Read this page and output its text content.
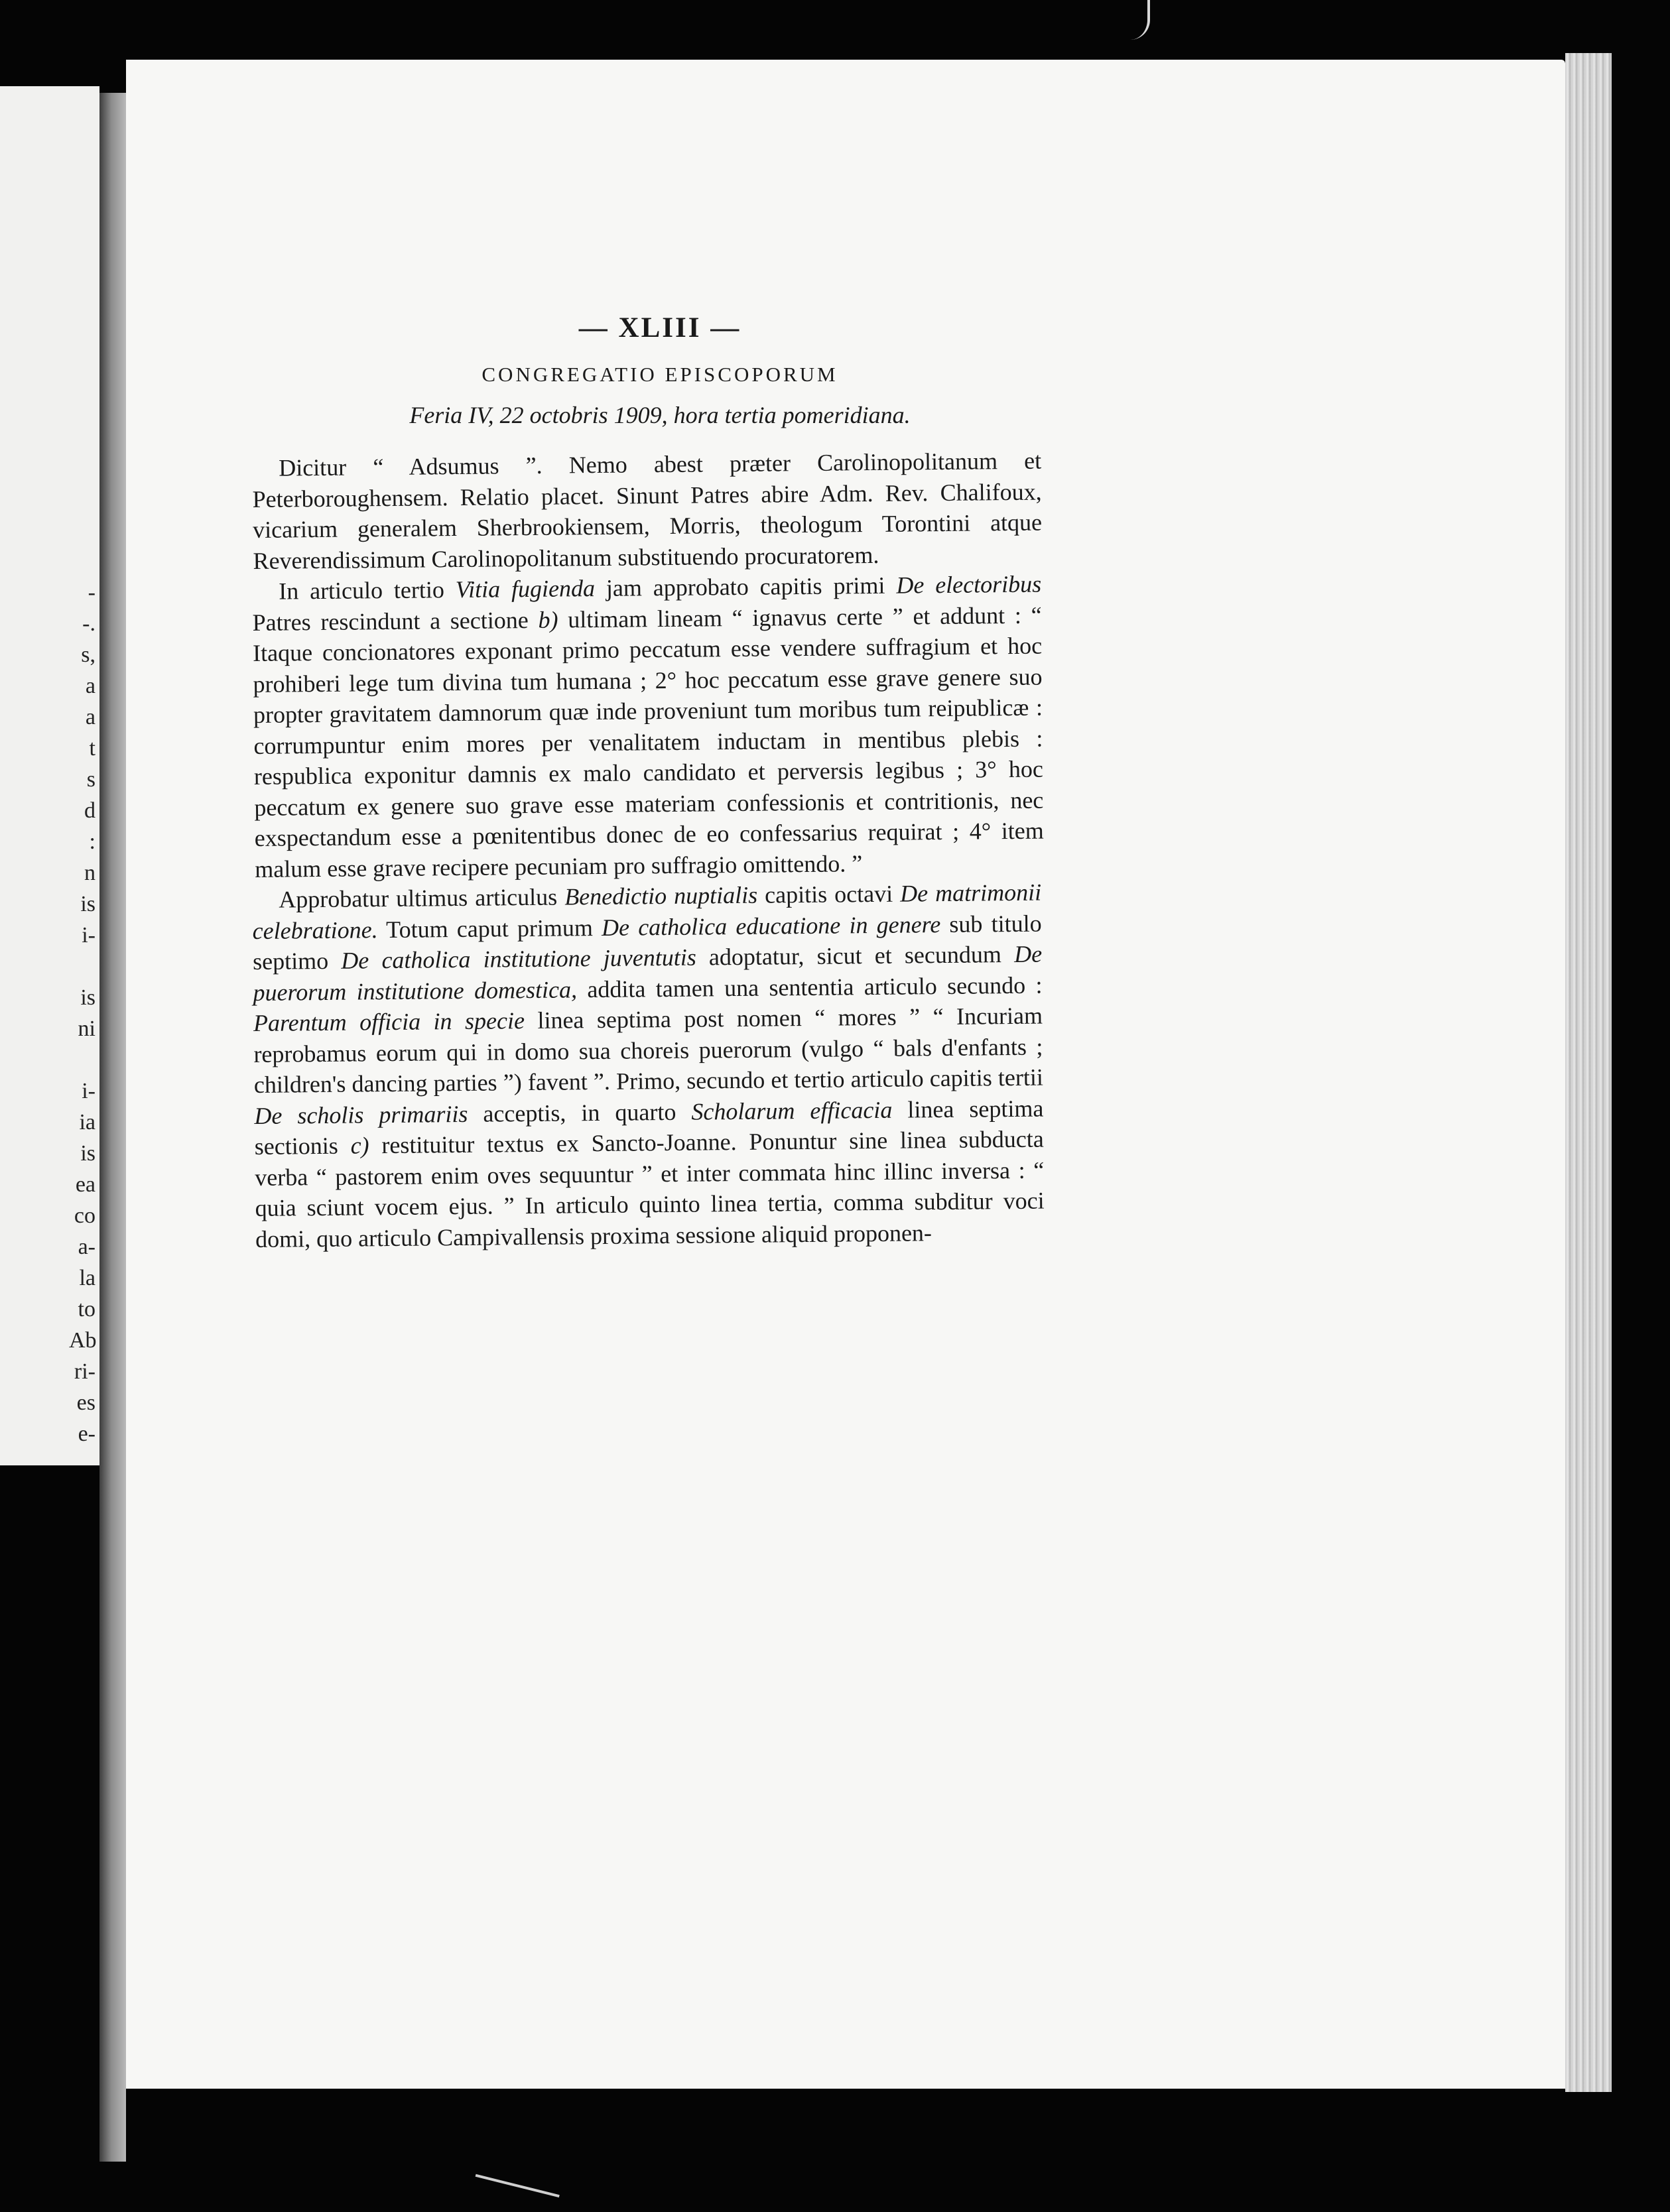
-
-.
s,
a
a
t
s
d
:
n
is
i-
is
ni
i-
ia
is
ea
co
a-
la
to
Ab
ri-
es
e-
— XLIII —
CONGREGATIO EPISCOPORUM
Feria IV, 22 octobris 1909, hora tertia pomeridiana.

Dicitur “ Adsumus ”. Nemo abest præter Carolinopolitanum et Peterboroughensem. Relatio placet. Sinunt Patres abire Adm. Rev. Chalifoux, vicarium generalem Sherbrookiensem, Morris, theologum Torontini atque Reverendissimum Carolinopolitanum substituendo procuratorem.

In articulo tertio Vitia fugienda jam approbato capitis primi De electoribus Patres rescindunt a sectione b) ultimam lineam “ ignavus certe ” et addunt : “ Itaque concionatores exponant primo peccatum esse vendere suffragium et hoc prohiberi lege tum divina tum humana ; 2° hoc peccatum esse grave genere suo propter gravitatem damnorum quæ inde proveniunt tum moribus tum reipublicæ : corrumpuntur enim mores per venalitatem inductam in mentibus plebis : respublica exponitur damnis ex malo candidato et perversis legibus ; 3° hoc peccatum ex genere suo grave esse materiam confessionis et contritionis, nec exspectandum esse a pœnitentibus donec de eo confessarius requirat ; 4° item malum esse grave recipere pecuniam pro suffragio omittendo. ”

Approbatur ultimus articulus Benedictio nuptialis capitis octavi De matrimonii celebratione. Totum caput primum De catholica educatione in genere sub titulo septimo De catholica institutione juventutis adoptatur, sicut et secundum De puerorum institutione domestica, addita tamen una sententia articulo secundo : Parentum officia in specie linea septima post nomen “ mores ” “ Incuriam reprobamus eorum qui in domo sua choreis puerorum (vulgo “ bals d'enfants ; children's dancing parties ”) favent ”. Primo, secundo et tertio articulo capitis tertii De scholis primariis acceptis, in quarto Scholarum efficacia linea septima sectionis c) restituitur textus ex Sancto-Joanne. Ponuntur sine linea subducta verba “ pastorem enim oves sequuntur ” et inter commata hinc illinc inversa : “ quia sciunt vocem ejus. ” In articulo quinto linea tertia, comma subditur voci domi, quo articulo Campivallensis proxima sessione aliquid proponen-
